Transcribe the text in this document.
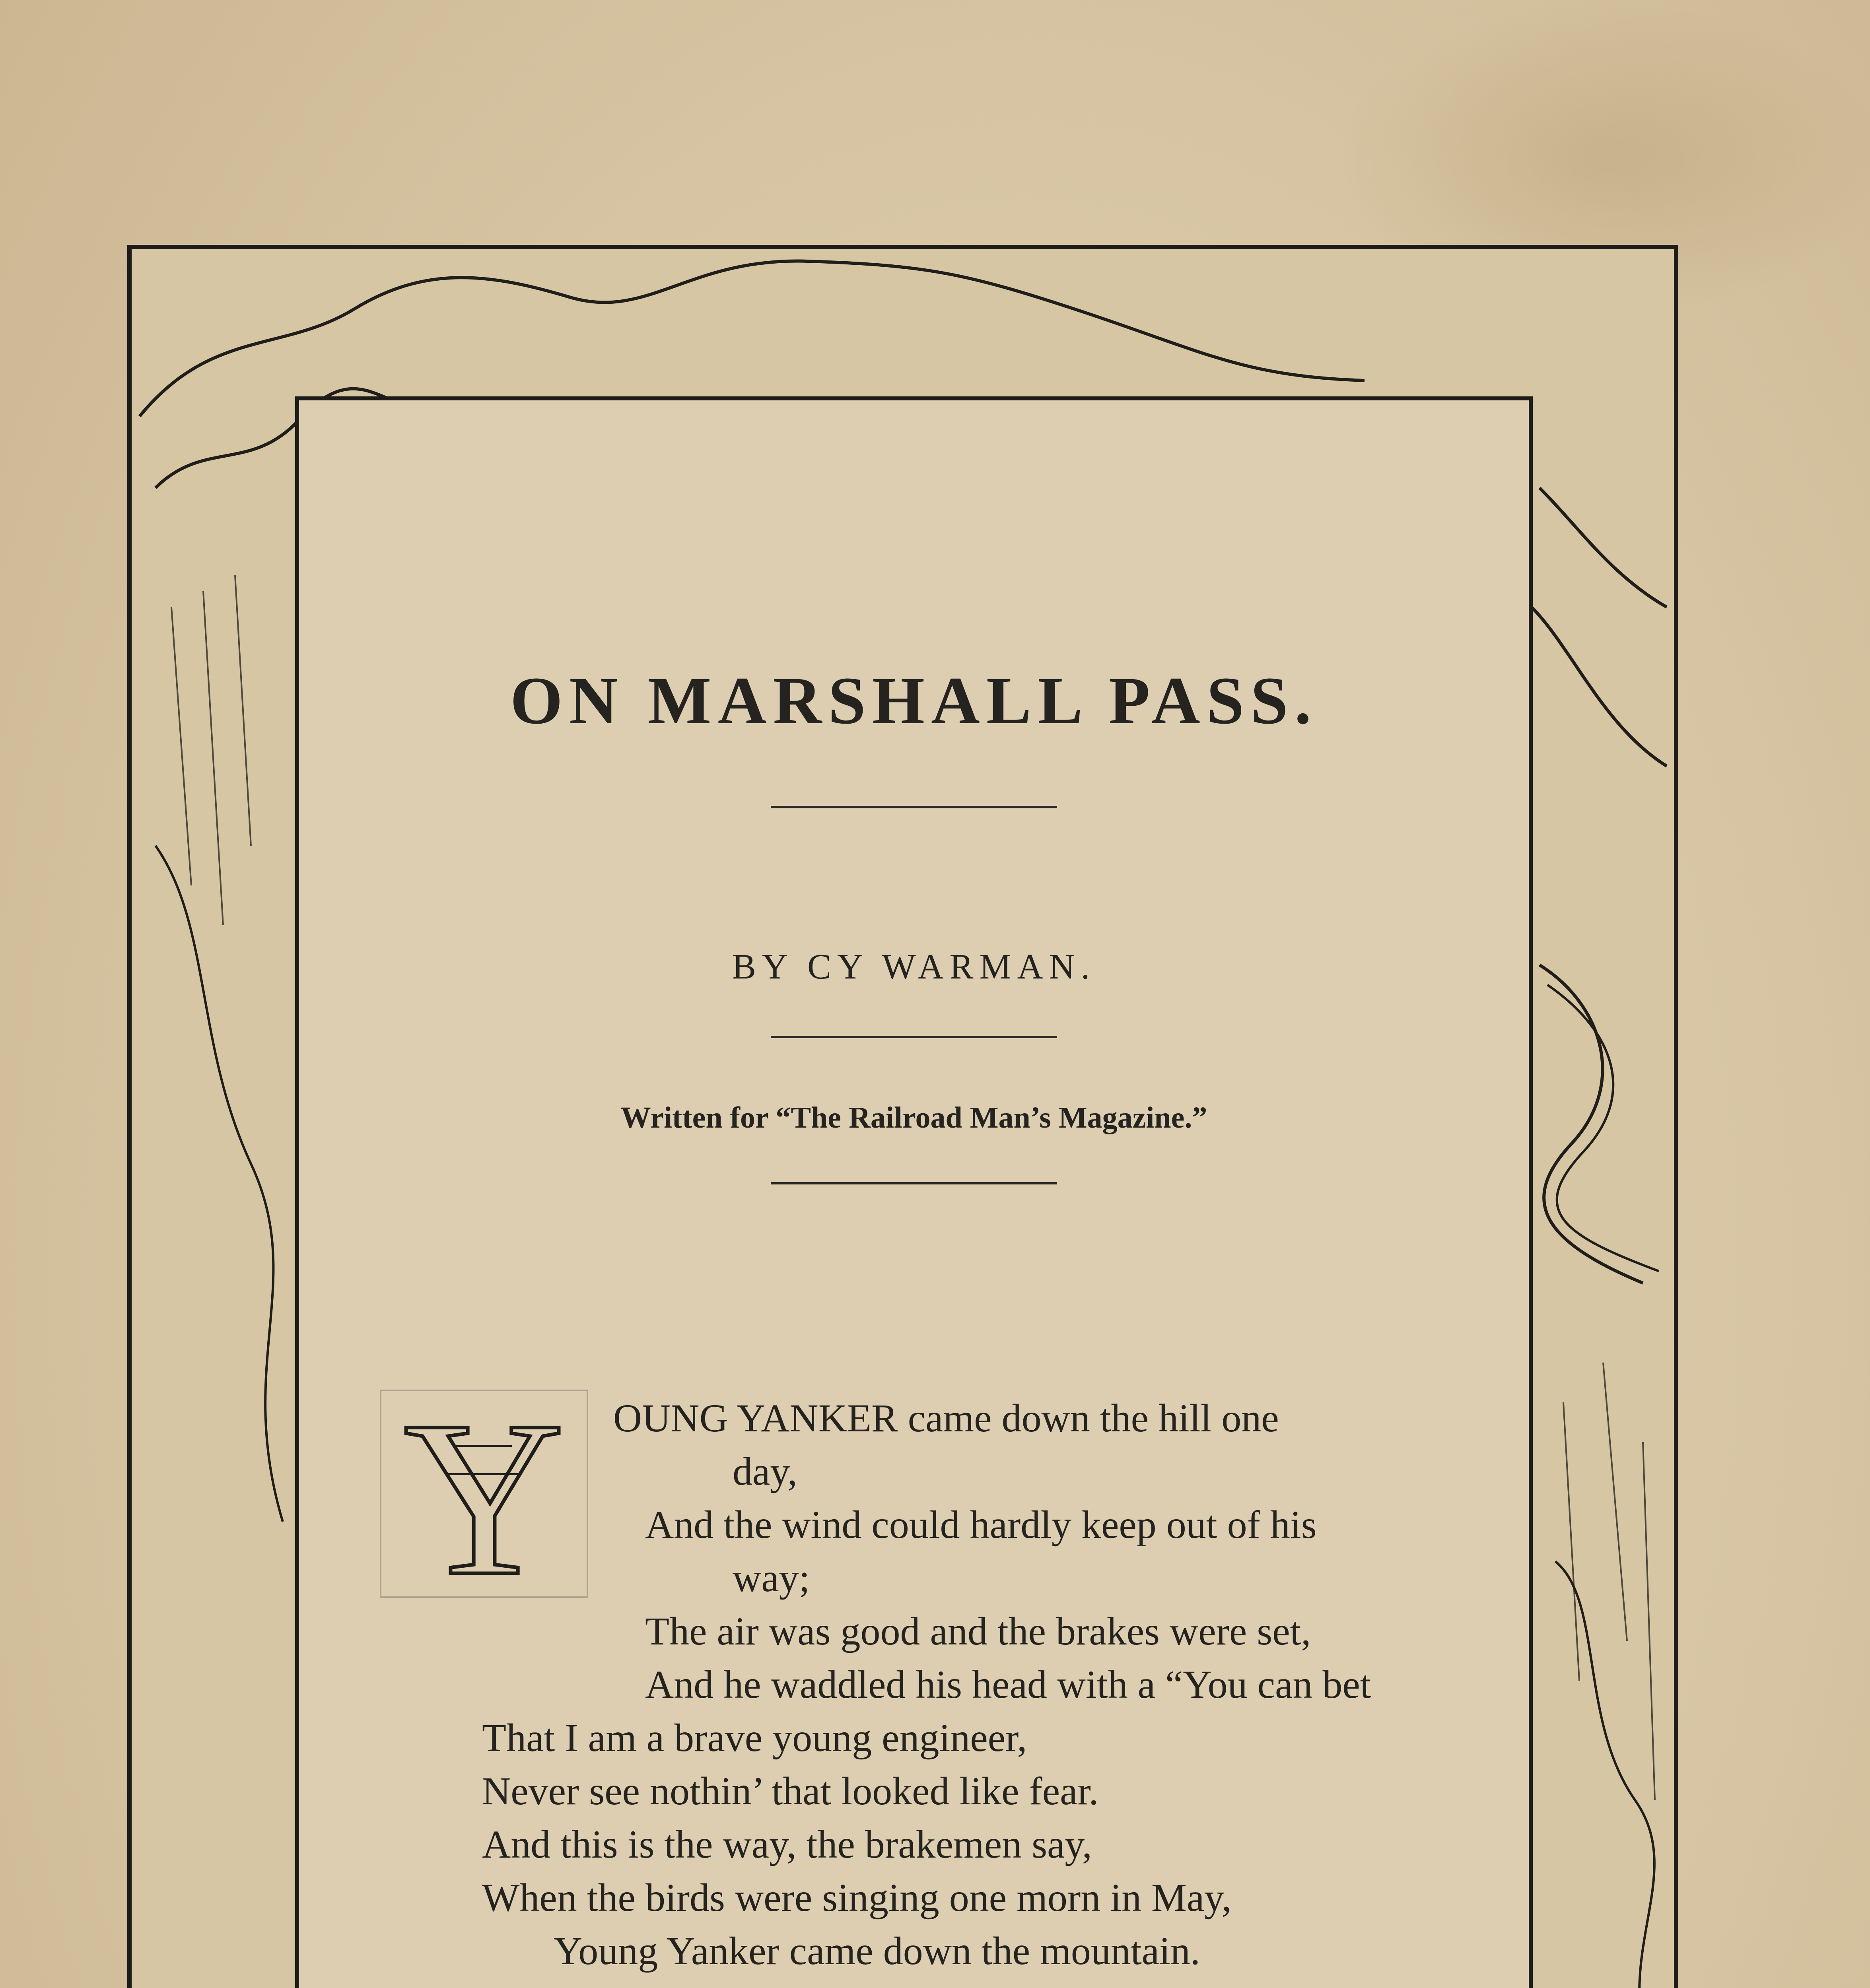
ON MARSHALL PASS.
BY CY WARMAN.
Written for “The Railroad Man’s Magazine.”
Y OUNG YANKER came down the hill one
day,
And the wind could hardly keep out of his
way;
The air was good and the brakes were set,
And he waddled his head with a “You can bet
That I am a brave young engineer,
Never see nothin’ that looked like fear.
And this is the way, the brakemen say,
When the birds were singing one morn in May,
Young Yanker came down the mountain.
